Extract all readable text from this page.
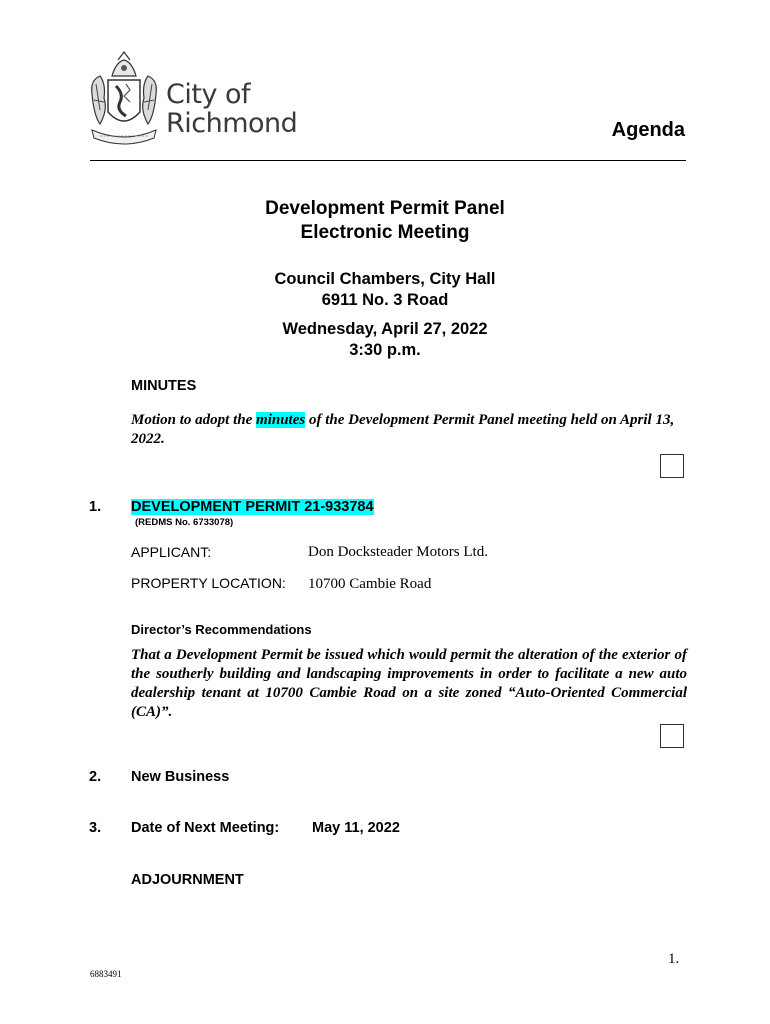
City of
Richmond	Agenda
Development Permit Panel
Electronic Meeting
Council Chambers, City Hall
6911 No. 3 Road
Wednesday, April 27, 2022
3:30 p.m.
MINUTES
Motion to adopt the minutes of the Development Permit Panel meeting held on April 13, 2022.
1. DEVELOPMENT PERMIT 21-933784
(REDMS No. 6733078)
APPLICANT:	Don Docksteader Motors Ltd.
PROPERTY LOCATION: 10700 Cambie Road
Director’s Recommendations
That a Development Permit be issued which would permit the alteration of the exterior of the southerly building and landscaping improvements in order to facilitate a new auto dealership tenant at 10700 Cambie Road on a site zoned “Auto-Oriented Commercial (CA)”.
2. New Business
3. Date of Next Meeting: May 11, 2022
ADJOURNMENT
1.
6883491
